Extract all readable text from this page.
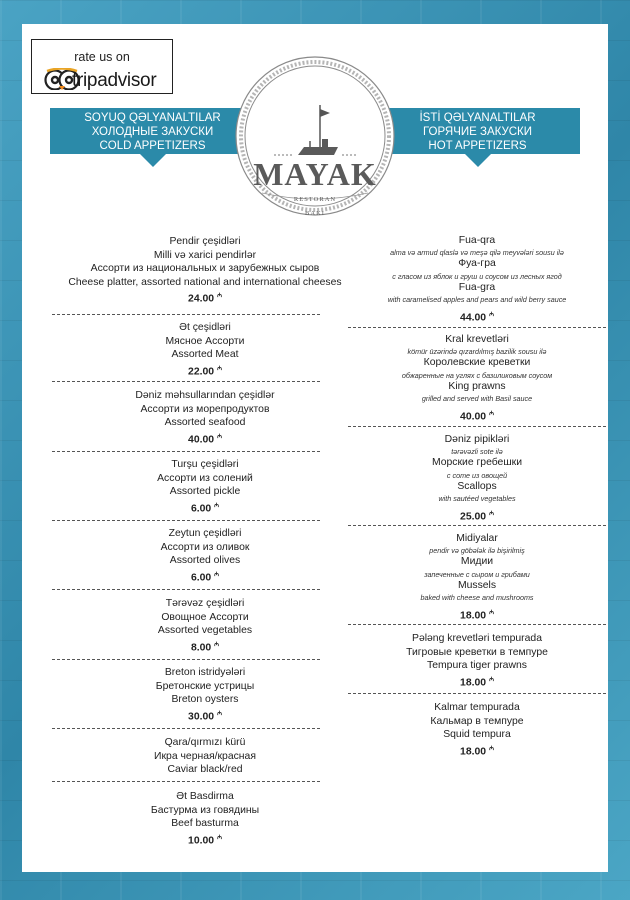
rate us on
tripadvisor
SOYUQ QƏLYANALTILAR
ХОЛОДНЫЕ ЗАКУСКИ
COLD APPETIZERS
İSTİ QƏLYANALTILAR
ГОРЯЧИЕ ЗАКУСКИ
HOT APPETIZERS
MAYAK
RESTORAN
BAKI
Pendir çeşidləri
Milli və xarici pendirlər
Ассорти из национальных и зарубежных сыров
Cheese platter, assorted national and international cheeses
24.00 ₼
Ət çeşidləri
Мясное Ассорти
Assorted Meat
22.00 ₼
Dəniz məhsullarından çeşidlər
Ассорти из морепродуктов
Assorted seafood
40.00 ₼
Turşu çeşidləri
Ассорти из солений
Assorted pickle
6.00 ₼
Zeytun çeşidləri
Ассорти из оливок
Assorted olives
6.00 ₼
Tərəvəz çeşidləri
Овощное Ассорти
Assorted vegetables
8.00 ₼
Breton istridyələri
Бретонские устрицы
Breton oysters
30.00 ₼
Qara/qırmızı kürü
Икра черная/красная
Caviar black/red
Ət Basdirma
Бастурма из говядины
Beef basturma
10.00 ₼
Fua-qra
alma və armud qlaslə və meşə qilə meyvələri sousu ilə
Фуа-гра
с гласом из яблок и груш и соусом из лесных ягод
Fua-gra
with caramelised apples and pears and wild berry sauce
44.00 ₼
Kral krevetləri
kömür üzərində qızardılmış bazilik sousu ilə
Королевские креветки
обжаренные на углях с базиликовым соусом
King prawns
grilled and served with Basil sauce
40.00 ₼
Dəniz pipikləri
tərəvəzli sote ilə
Морские гребешки
с соте из овощей
Scallops
with sautéed vegetables
25.00 ₼
Midiyalar
pendir və göbələk ilə bişirilmiş
Мидии
запеченные с сыром и грибами
Mussels
baked with cheese and mushrooms
18.00 ₼
Pələng krevetləri tempurada
Тигровые креветки в темпуре
Tempura tiger prawns
18.00 ₼
Kalmar tempurada
Кальмар в темпуре
Squid tempura
18.00 ₼
